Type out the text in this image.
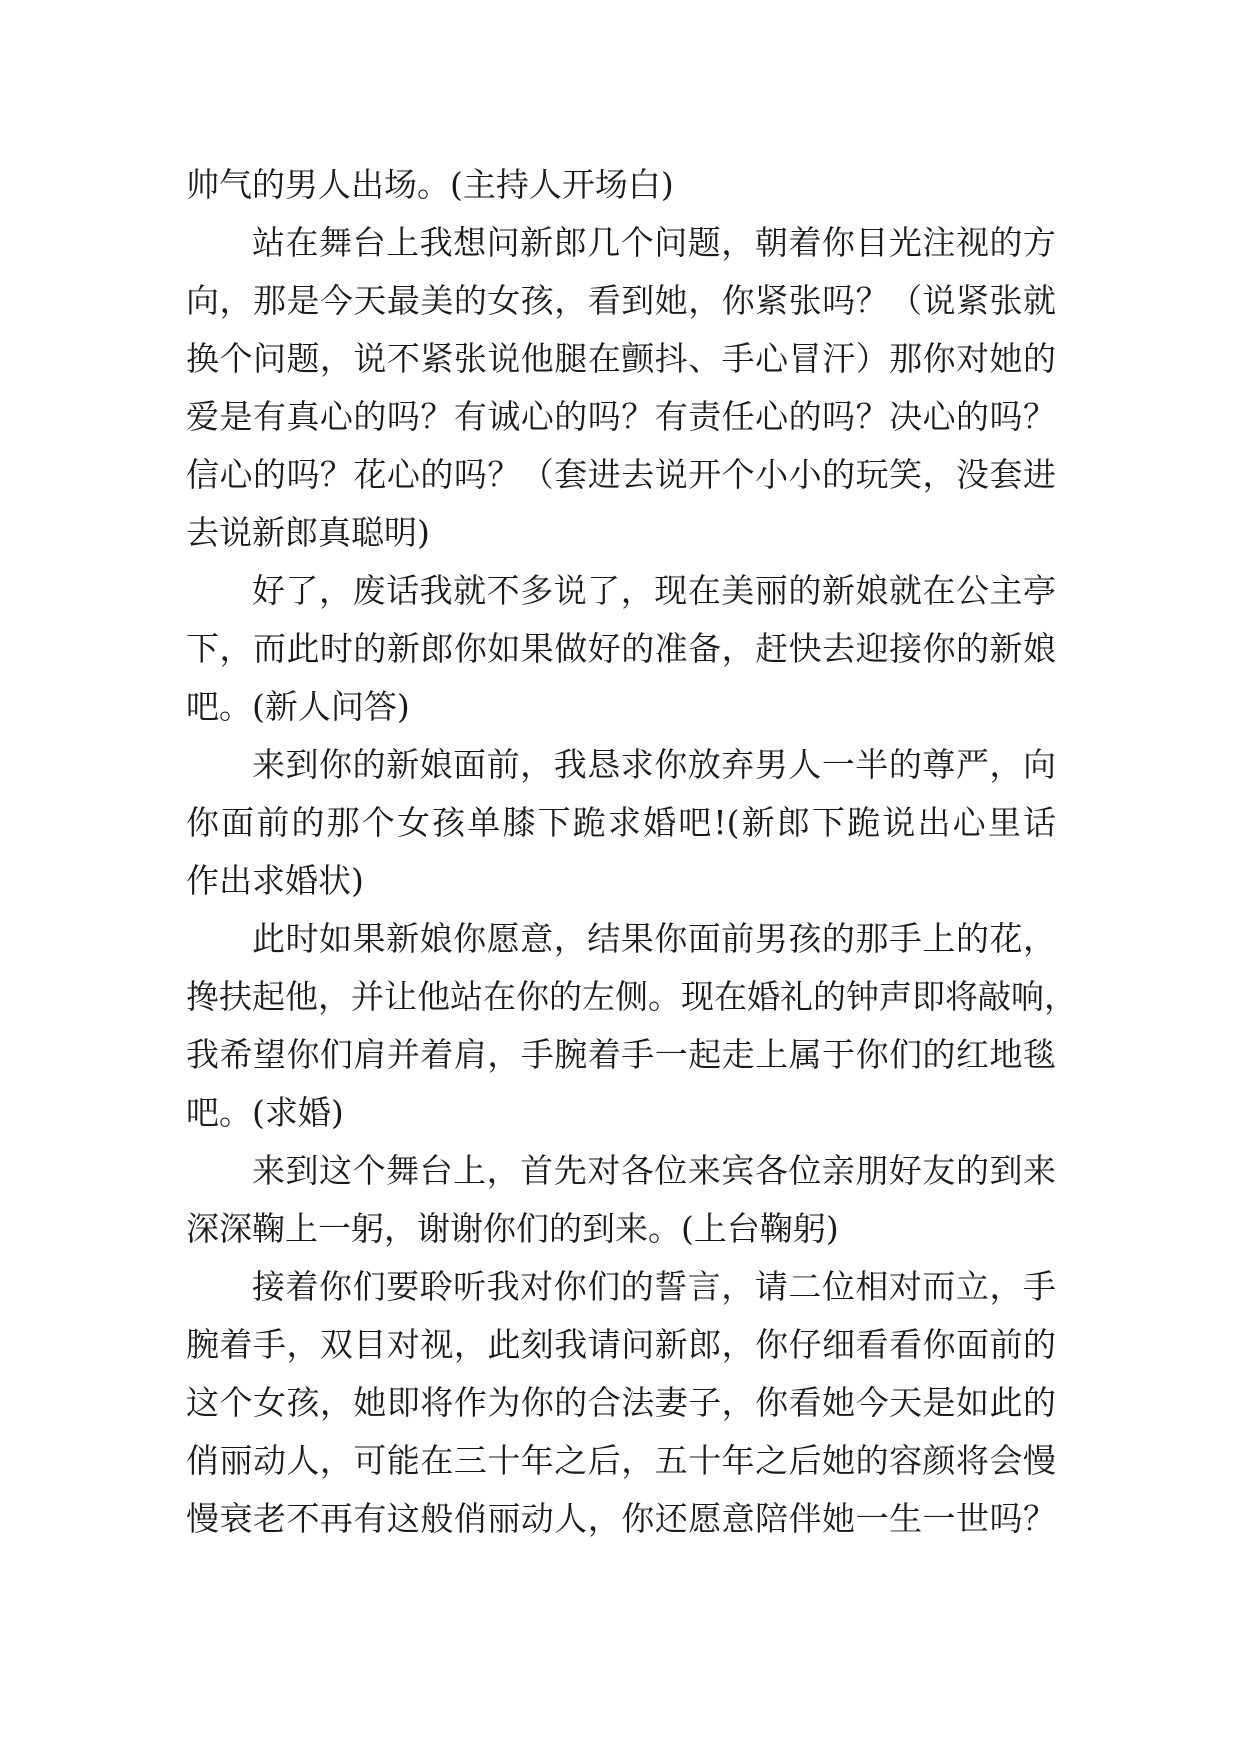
帅气的男人出场。(主持人开场白)
站在舞台上我想问新郎几个问题，朝着你目光注视的方
向，那是今天最美的女孩，看到她，你紧张吗？（说紧张就
换个问题，说不紧张说他腿在颤抖、手心冒汗）那你对她的
爱是有真心的吗？有诚心的吗？有责任心的吗？决心的吗？
信心的吗？花心的吗？（套进去说开个小小的玩笑，没套进
去说新郎真聪明)
好了，废话我就不多说了，现在美丽的新娘就在公主亭
下，而此时的新郎你如果做好的准备，赶快去迎接你的新娘
吧。(新人问答)
来到你的新娘面前，我恳求你放弃男人一半的尊严，向
你面前的那个女孩单膝下跪求婚吧!(新郎下跪说出心里话
作出求婚状)
此时如果新娘你愿意，结果你面前男孩的那手上的花，
搀扶起他，并让他站在你的左侧。现在婚礼的钟声即将敲响，
我希望你们肩并着肩，手腕着手一起走上属于你们的红地毯
吧。(求婚)
来到这个舞台上，首先对各位来宾各位亲朋好友的到来
深深鞠上一躬，谢谢你们的到来。(上台鞠躬)
接着你们要聆听我对你们的誓言，请二位相对而立，手
腕着手，双目对视，此刻我请问新郎，你仔细看看你面前的
这个女孩，她即将作为你的合法妻子，你看她今天是如此的
俏丽动人，可能在三十年之后，五十年之后她的容颜将会慢
慢衰老不再有这般俏丽动人，你还愿意陪伴她一生一世吗？
